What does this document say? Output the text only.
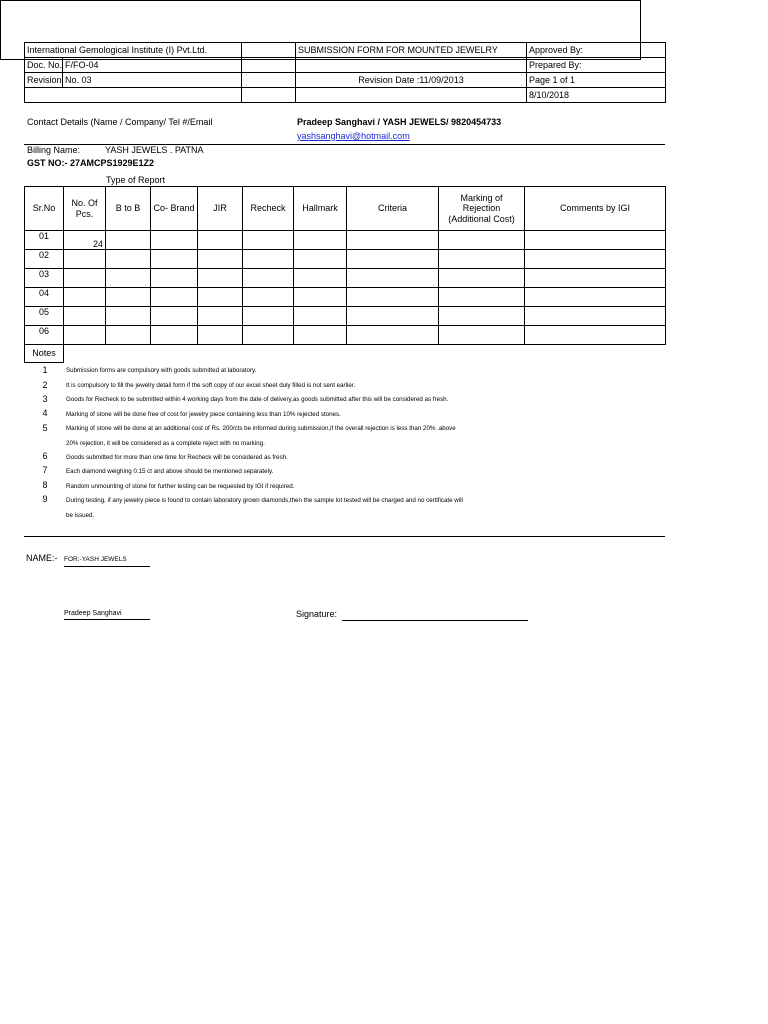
International Gemological Institute (I) Pvt.Ltd.		SUBMISSION FORM FOR MOUNTED JEWELRY	Approved By:
Doc. No. F/FO-04			Prepared By:
Revision No. 03		Revision Date :11/09/2013	Page 1 of 1
			8/10/2018
Contact Details (Name / Company/ Tel #/Email	Pradeep Sanghavi / YASH JEWELS/ 9820454733
yashsanghavi@hotmail.com
Billing Name:	YASH JEWELS . PATNA
GST NO:- 27AMCPS1929E1Z2
Type of Report
Sr.No	No. Of Pcs.	B to B	Co- Brand	JIR	Recheck	Hallmark	Criteria	Marking of Rejection (Additional Cost)	Comments by IGI
01	24								
02									
03									
04									
05									
06									
Notes									
1	Submission forms are compulsory with goods submitted at laboratory.
2	It is compulsory to fill the jewelry detail form if the soft copy of our excel sheet duly filled is not sent earlier.
3	Goods for Recheck to be submitted within 4 working days from the date of delivery,as goods submitted after this will be considered as fresh.
4	Marking of stone will be done free of cost for jewelry piece containing less than 10% rejected stones.
5	Marking of stone will be done at an additional cost of Rs. 200/cts be informed during submission,if the overall rejection is less than 20% .above
20% rejection, it will be considered as a complete reject with no marking.
6	Goods submitted for more than one time for Recheck will be considered as fresh.
7	Each diamond weighing 0.15 ct and above should be mentioned separately.
8	Random unmounting of stone for further testing can be requested by IGI if required.
9	During testing, if any jewelry piece is found to contain laboratory grown diamonds,then the sample lot tested will be charged and no certificate will
be issued.
NAME:- FOR:-YASH JEWELS
Pradeep Sanghavi	Signature:
